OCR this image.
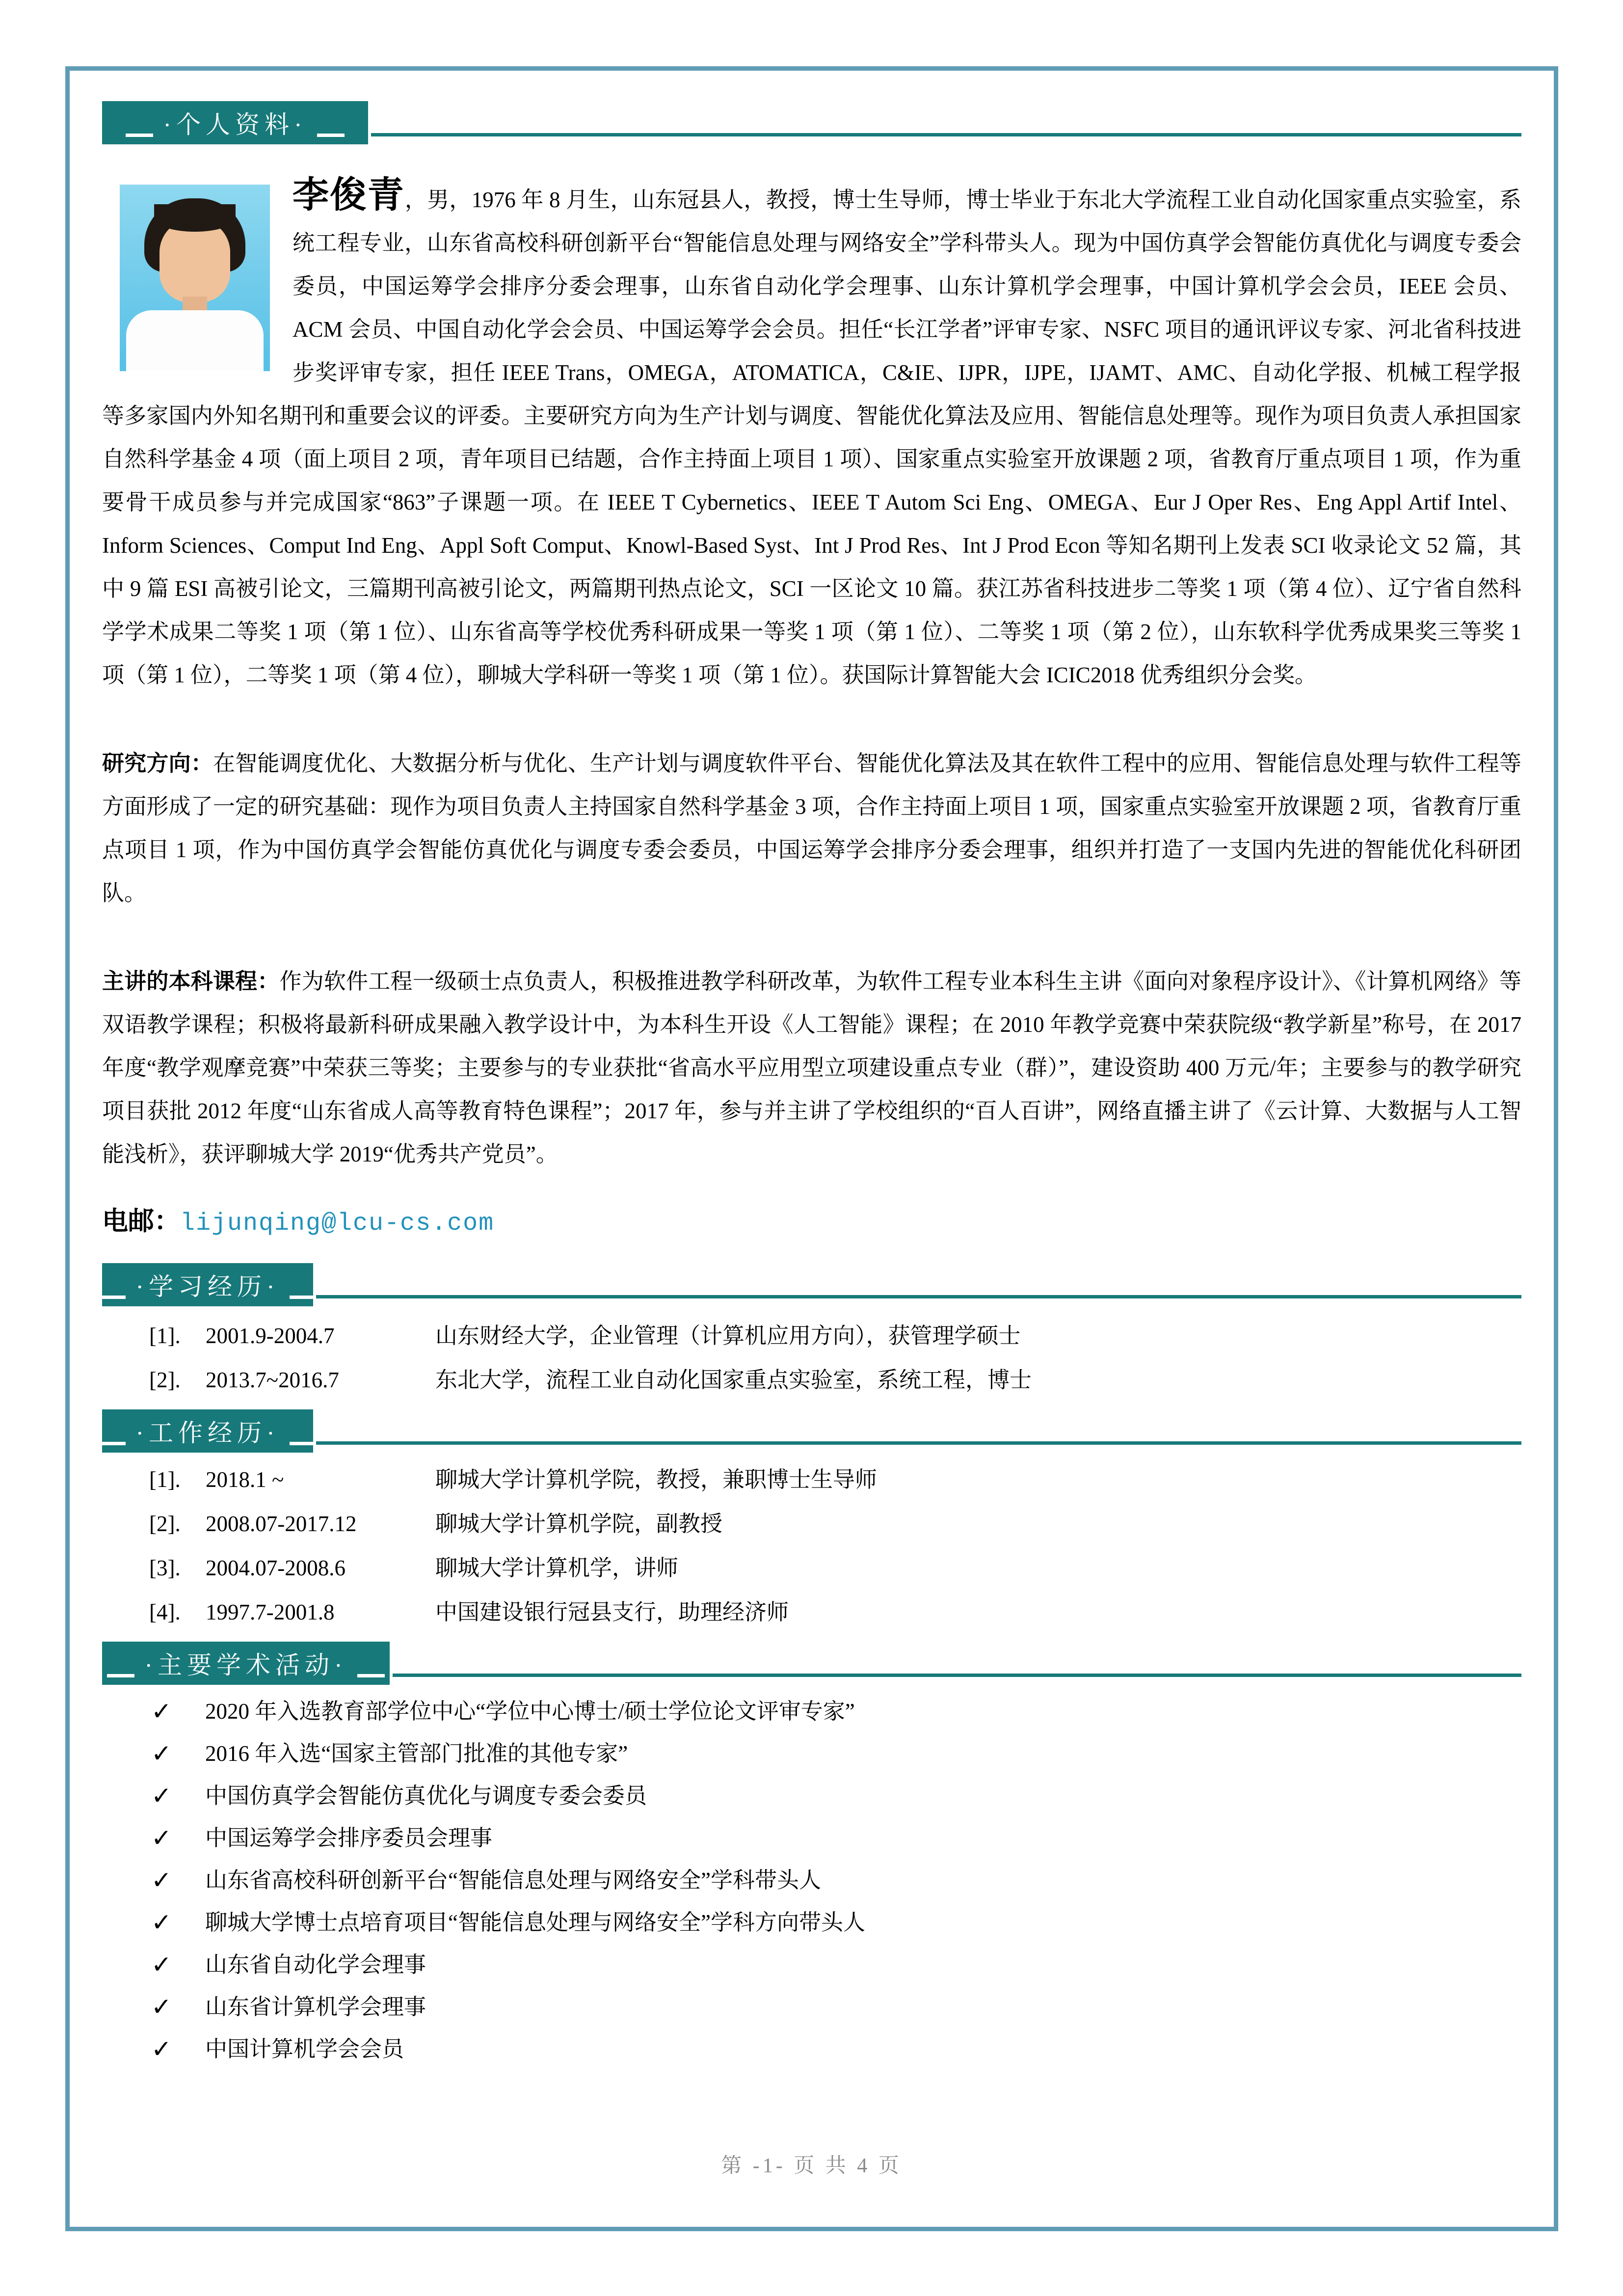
·个人资料·
李俊青，男，1976 年 8 月生，山东冠县人，教授，博士生导师，博士毕业于东北大学流程工业自动化国家重点实验室，系统工程专业，山东省高校科研创新平台“智能信息处理与网络安全”学科带头人。现为中国仿真学会智能仿真优化与调度专委会委员，中国运筹学会排序分委会理事，山东省自动化学会理事、山东计算机学会理事，中国计算机学会会员，IEEE 会员、ACM 会员、中国自动化学会会员、中国运筹学会会员。担任“长江学者”评审专家、NSFC 项目的通讯评议专家、河北省科技进步奖评审专家，担任 IEEE Trans，OMEGA，ATOMATICA，C&IE、IJPR，IJPE，IJAMT、AMC、自动化学报、机械工程学报等多家国内外知名期刊和重要会议的评委。主要研究方向为生产计划与调度、智能优化算法及应用、智能信息处理等。现作为项目负责人承担国家自然科学基金 4 项（面上项目 2 项，青年项目已结题，合作主持面上项目 1 项）、国家重点实验室开放课题 2 项，省教育厅重点项目 1 项，作为重要骨干成员参与并完成国家“863”子课题一项。在 IEEE T Cybernetics、IEEE T Autom Sci Eng、OMEGA、Eur J Oper Res、Eng Appl Artif Intel、Inform Sciences、Comput Ind Eng、Appl Soft Comput、Knowl-Based Syst、Int J Prod Res、Int J Prod Econ 等知名期刊上发表 SCI 收录论文 52 篇，其中 9 篇 ESI 高被引论文，三篇期刊高被引论文，两篇期刊热点论文，SCI 一区论文 10 篇。获江苏省科技进步二等奖 1 项（第 4 位）、辽宁省自然科学学术成果二等奖 1 项（第 1 位）、山东省高等学校优秀科研成果一等奖 1 项（第 1 位）、二等奖 1 项（第 2 位），山东软科学优秀成果奖三等奖 1 项（第 1 位），二等奖 1 项（第 4 位），聊城大学科研一等奖 1 项（第 1 位）。获国际计算智能大会 ICIC2018 优秀组织分会奖。
研究方向：在智能调度优化、大数据分析与优化、生产计划与调度软件平台、智能优化算法及其在软件工程中的应用、智能信息处理与软件工程等方面形成了一定的研究基础：现作为项目负责人主持国家自然科学基金 3 项，合作主持面上项目 1 项，国家重点实验室开放课题 2 项，省教育厅重点项目 1 项，作为中国仿真学会智能仿真优化与调度专委会委员，中国运筹学会排序分委会理事，组织并打造了一支国内先进的智能优化科研团队。
主讲的本科课程：作为软件工程一级硕士点负责人，积极推进教学科研改革，为软件工程专业本科生主讲《面向对象程序设计》、《计算机网络》等双语教学课程；积极将最新科研成果融入教学设计中，为本科生开设《人工智能》课程；在 2010 年教学竞赛中荣获院级“教学新星”称号，在 2017 年度“教学观摩竞赛”中荣获三等奖；主要参与的专业获批“省高水平应用型立项建设重点专业（群）”，建设资助 400 万元/年；主要参与的教学研究项目获批 2012 年度“山东省成人高等教育特色课程”；2017 年，参与并主讲了学校组织的“百人百讲”，网络直播主讲了《云计算、大数据与人工智能浅析》，获评聊城大学 2019“优秀共产党员”。
电邮：lijunqing@lcu-cs.com
·学习经历·
[1].	2001.9-2004.7	山东财经大学，企业管理（计算机应用方向），获管理学硕士
[2].	2013.7~2016.7	东北大学，流程工业自动化国家重点实验室，系统工程，博士
·工作经历·
[1].	2018.1 ~	聊城大学计算机学院，教授，兼职博士生导师
[2].	2008.07-2017.12	聊城大学计算机学院，副教授
[3].	2004.07-2008.6	聊城大学计算机学，讲师
[4].	1997.7-2001.8	中国建设银行冠县支行，助理经济师
·主要学术活动·
✓ 2020 年入选教育部学位中心“学位中心博士/硕士学位论文评审专家”
✓ 2016 年入选“国家主管部门批准的其他专家”
✓ 中国仿真学会智能仿真优化与调度专委会委员
✓ 中国运筹学会排序委员会理事
✓ 山东省高校科研创新平台“智能信息处理与网络安全”学科带头人
✓ 聊城大学博士点培育项目“智能信息处理与网络安全”学科方向带头人
✓ 山东省自动化学会理事
✓ 山东省计算机学会理事
✓ 中国计算机学会会员
第 -1- 页 共 4 页
